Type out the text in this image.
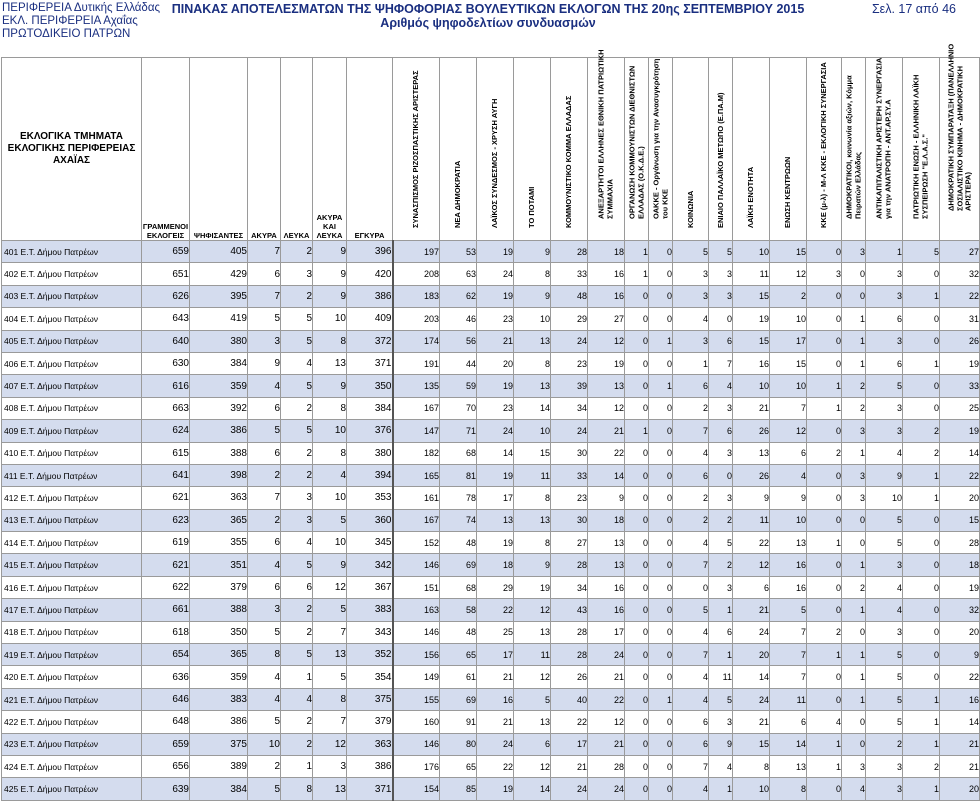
ΠΕΡΙΦΕΡΕΙΑ Δυτικής Ελλάδας
ΕΚΛ. ΠΕΡΙΦΕΡΕΙΑ Αχαΐας
ΠΡΩΤΟΔΙΚΕΙΟ ΠΑΤΡΩΝ
ΠΙΝΑΚΑΣ ΑΠΟΤΕΛΕΣΜΑΤΩΝ ΤΗΣ ΨΗΦΟΦΟΡΙΑΣ ΒΟΥΛΕΥΤΙΚΩΝ ΕΚΛΟΓΩΝ ΤΗΣ 20ης ΣΕΠΤΕΜΒΡΙΟΥ 2015
Αριθμός ψηφοδελτίων συνδυασμών
Σελ. 17 από 46
ΕΚΛΟΓΙΚΑ ΤΜΗΜΑΤΑ ΕΚΛΟΓΙΚΗΣ ΠΕΡΙΦΕΡΕΙΑΣ ΑΧΑΪΑΣ	ΓΡΑΜΜΕΝΟΙ ΕΚΛΟΓΕΙΣ	ΨΗΦΙΣΑΝΤΕΣ	ΑΚΥΡΑ	ΛΕΥΚΑ	ΑΚΥΡΑ ΚΑΙ ΛΕΥΚΑ	ΕΓΚΥΡΑ	ΣΥΝΑΣΠΙΣΜΟΣ ΡΙΖΟΣΠΑΣΤΙΚΗΣ ΑΡΙΣΤΕΡΑΣ	ΝΕΑ ΔΗΜΟΚΡΑΤΙΑ	ΛΑΪΚΟΣ ΣΥΝΔΕΣΜΟΣ - ΧΡΥΣΗ ΑΥΓΗ	ΤΟ ΠΟΤΑΜΙ	ΚΟΜΜΟΥΝΙΣΤΙΚΟ ΚΟΜΜΑ ΕΛΛΑΔΑΣ	ΑΝΕΞΑΡΤΗΤΟΙ ΕΛΛΗΝΕΣ ΕΘΝΙΚΗ ΠΑΤΡΙΩΤΙΚΗ ΣΥΜΜΑΧΙΑ	ΟΡΓΑΝΩΣΗ ΚΟΜΜΟΥΝΙΣΤΩΝ ΔΙΕΘΝΙΣΤΩΝ ΕΛΛΑΔΑΣ (Ο.Κ.Δ.Ε.)	ΟΑΚΚΕ - Οργάνωση για την Ανασυγκρότηση του ΚΚΕ	ΚΟΙΝΩΝΙΑ	ΕΝΙΑΙΟ ΠΑΛΛΑΪΚΟ ΜΕΤΩΠΟ (Ε.ΠΑ.Μ)	ΛΑΪΚΗ ΕΝΟΤΗΤΑ	ΕΝΩΣΗ ΚΕΝΤΡΩΩΝ	ΚΚΕ (μ-λ) - Μ-Λ ΚΚΕ - ΕΚΛΟΓΙΚΗ ΣΥΝΕΡΓΑΣΙΑ	ΔΗΜΟΚΡΑΤΙΚΟΙ, κοινωνία αξιών, Κόμμα Πειρατών Ελλάδας	ΑΝΤΙΚΑΠΙΤΑΛΙΣΤΙΚΗ ΑΡΙΣΤΕΡΗ ΣΥΝΕΡΓΑΣΙΑ για την ΑΝΑΤΡΟΠΗ - ΑΝΤ.ΑΡ.ΣΥ.Α	ΠΑΤΡΙΩΤΙΚΗ ΕΝΩΣΗ - ΕΛΛΗΝΙΚΗ ΛΑΪΚΗ ΣΥΣΠΕΙΡΩΣΗ "Ε.Λ.Α.Σ."	ΔΗΜΟΚΡΑΤΙΚΗ ΣΥΜΠΑΡΑΤΑΞΗ (ΠΑΝΕΛΛΗΝΙΟ ΣΟΣΙΑΛΙΣΤΙΚΟ ΚΙΝΗΜΑ - ΔΗΜΟΚΡΑΤΙΚΗ ΑΡΙΣΤΕΡΑ)

401 Ε.Τ. Δήμου Πατρέων	659	405	7	2	9	396	197	53	19	9	28	18	1	0	5	5	10	15	0	3	1	5	27
402 Ε.Τ. Δήμου Πατρέων	651	429	6	3	9	420	208	63	24	8	33	16	1	0	3	3	11	12	3	0	3	0	32
403 Ε.Τ. Δήμου Πατρέων	626	395	7	2	9	386	183	62	19	9	48	16	0	0	3	3	15	2	0	0	3	1	22
404 Ε.Τ. Δήμου Πατρέων	643	419	5	5	10	409	203	46	23	10	29	27	0	0	4	0	19	10	0	1	6	0	31
405 Ε.Τ. Δήμου Πατρέων	640	380	3	5	8	372	174	56	21	13	24	12	0	1	3	6	15	17	0	1	3	0	26
406 Ε.Τ. Δήμου Πατρέων	630	384	9	4	13	371	191	44	20	8	23	19	0	0	1	7	16	15	0	1	6	1	19
407 Ε.Τ. Δήμου Πατρέων	616	359	4	5	9	350	135	59	19	13	39	13	0	1	6	4	10	10	1	2	5	0	33
408 Ε.Τ. Δήμου Πατρέων	663	392	6	2	8	384	167	70	23	14	34	12	0	0	2	3	21	7	1	2	3	0	25
409 Ε.Τ. Δήμου Πατρέων	624	386	5	5	10	376	147	71	24	10	24	21	1	0	7	6	26	12	0	3	3	2	19
410 Ε.Τ. Δήμου Πατρέων	615	388	6	2	8	380	182	68	14	15	30	22	0	0	4	3	13	6	2	1	4	2	14
411 Ε.Τ. Δήμου Πατρέων	641	398	2	2	4	394	165	81	19	11	33	14	0	0	6	0	26	4	0	3	9	1	22
412 Ε.Τ. Δήμου Πατρέων	621	363	7	3	10	353	161	78	17	8	23	9	0	0	2	3	9	9	0	3	10	1	20
413 Ε.Τ. Δήμου Πατρέων	623	365	2	3	5	360	167	74	13	13	30	18	0	0	2	2	11	10	0	0	5	0	15
414 Ε.Τ. Δήμου Πατρέων	619	355	6	4	10	345	152	48	19	8	27	13	0	0	4	5	22	13	1	0	5	0	28
415 Ε.Τ. Δήμου Πατρέων	621	351	4	5	9	342	146	69	18	9	28	13	0	0	7	2	12	16	0	1	3	0	18
416 Ε.Τ. Δήμου Πατρέων	622	379	6	6	12	367	151	68	29	19	34	16	0	0	0	3	6	16	0	2	4	0	19
417 Ε.Τ. Δήμου Πατρέων	661	388	3	2	5	383	163	58	22	12	43	16	0	0	5	1	21	5	0	1	4	0	32
418 Ε.Τ. Δήμου Πατρέων	618	350	5	2	7	343	146	48	25	13	28	17	0	0	4	6	24	7	2	0	3	0	20
419 Ε.Τ. Δήμου Πατρέων	654	365	8	5	13	352	156	65	17	11	28	24	0	0	7	1	20	7	1	1	5	0	9
420 Ε.Τ. Δήμου Πατρέων	636	359	4	1	5	354	149	61	21	12	26	21	0	0	4	11	14	7	0	1	5	0	22
421 Ε.Τ. Δήμου Πατρέων	646	383	4	4	8	375	155	69	16	5	40	22	0	1	4	5	24	11	0	1	5	1	16
422 Ε.Τ. Δήμου Πατρέων	648	386	5	2	7	379	160	91	21	13	22	12	0	0	6	3	21	6	4	0	5	1	14
423 Ε.Τ. Δήμου Πατρέων	659	375	10	2	12	363	146	80	24	6	17	21	0	0	6	9	15	14	1	0	2	1	21
424 Ε.Τ. Δήμου Πατρέων	656	389	2	1	3	386	176	65	22	12	21	28	0	0	7	4	8	13	1	3	3	2	21
425 Ε.Τ. Δήμου Πατρέων	639	384	5	8	13	371	154	85	19	14	24	24	0	0	4	1	10	8	0	4	3	1	20
